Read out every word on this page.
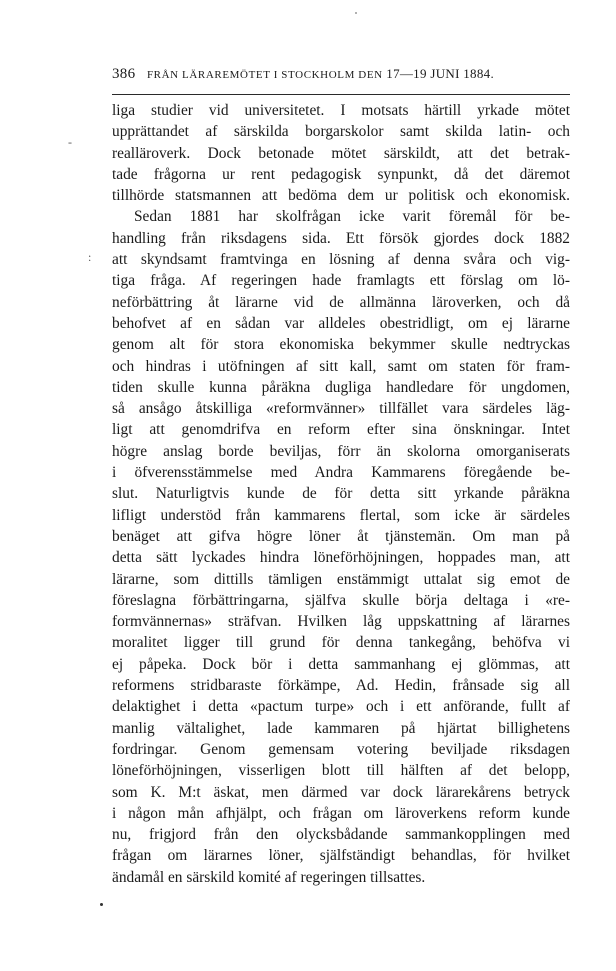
386 FRÅN LÄRAREMÖTET I STOCKHOLM DEN 17—19 JUNI 1884.
-
:
liga studier vid universitetet. I motsats härtill yrkade mötet
upprättandet af särskilda borgarskolor samt skilda latin- och
realläroverk. Dock betonade mötet särskildt, att det betrak-
tade frågorna ur rent pedagogisk synpunkt, då det däremot
tillhörde statsmannen att bedöma dem ur politisk och ekonomisk.
Sedan 1881 har skolfrågan icke varit föremål för be-
handling från riksdagens sida. Ett försök gjordes dock 1882
att skyndsamt framtvinga en lösning af denna svåra och vig-
tiga fråga. Af regeringen hade framlagts ett förslag om lö-
neförbättring åt lärarne vid de allmänna läroverken, och då
behofvet af en sådan var alldeles obestridligt, om ej lärarne
genom alt för stora ekonomiska bekymmer skulle nedtryckas
och hindras i utöfningen af sitt kall, samt om staten för fram-
tiden skulle kunna påräkna dugliga handledare för ungdomen,
så ansågo åtskilliga «reformvänner» tillfället vara särdeles läg-
ligt att genomdrifva en reform efter sina önskningar. Intet
högre anslag borde beviljas, förr än skolorna omorganiserats
i öfverensstämmelse med Andra Kammarens föregående be-
slut. Naturligtvis kunde de för detta sitt yrkande påräkna
lifligt understöd från kammarens flertal, som icke är särdeles
benäget att gifva högre löner åt tjänstemän. Om man på
detta sätt lyckades hindra löneförhöjningen, hoppades man, att
lärarne, som dittills tämligen enstämmigt uttalat sig emot de
föreslagna förbättringarna, själfva skulle börja deltaga i «re-
formvännernas» sträfvan. Hvilken låg uppskattning af lärarnes
moralitet ligger till grund för denna tankegång, behöfva vi
ej påpeka. Dock bör i detta sammanhang ej glömmas, att
reformens stridbaraste förkämpe, Ad. Hedin, frånsade sig all
delaktighet i detta «pactum turpe» och i ett anförande, fullt af
manlig vältalighet, lade kammaren på hjärtat billighetens
fordringar. Genom gemensam votering beviljade riksdagen
löneförhöjningen, visserligen blott till hälften af det belopp,
som K. M:t äskat, men därmed var dock lärarekårens betryck
i någon mån afhjälpt, och frågan om läroverkens reform kunde
nu, frigjord från den olycksbådande sammankopplingen med
frågan om lärarnes löner, själfständigt behandlas, för hvilket
ändamål en särskild komité af regeringen tillsattes.
